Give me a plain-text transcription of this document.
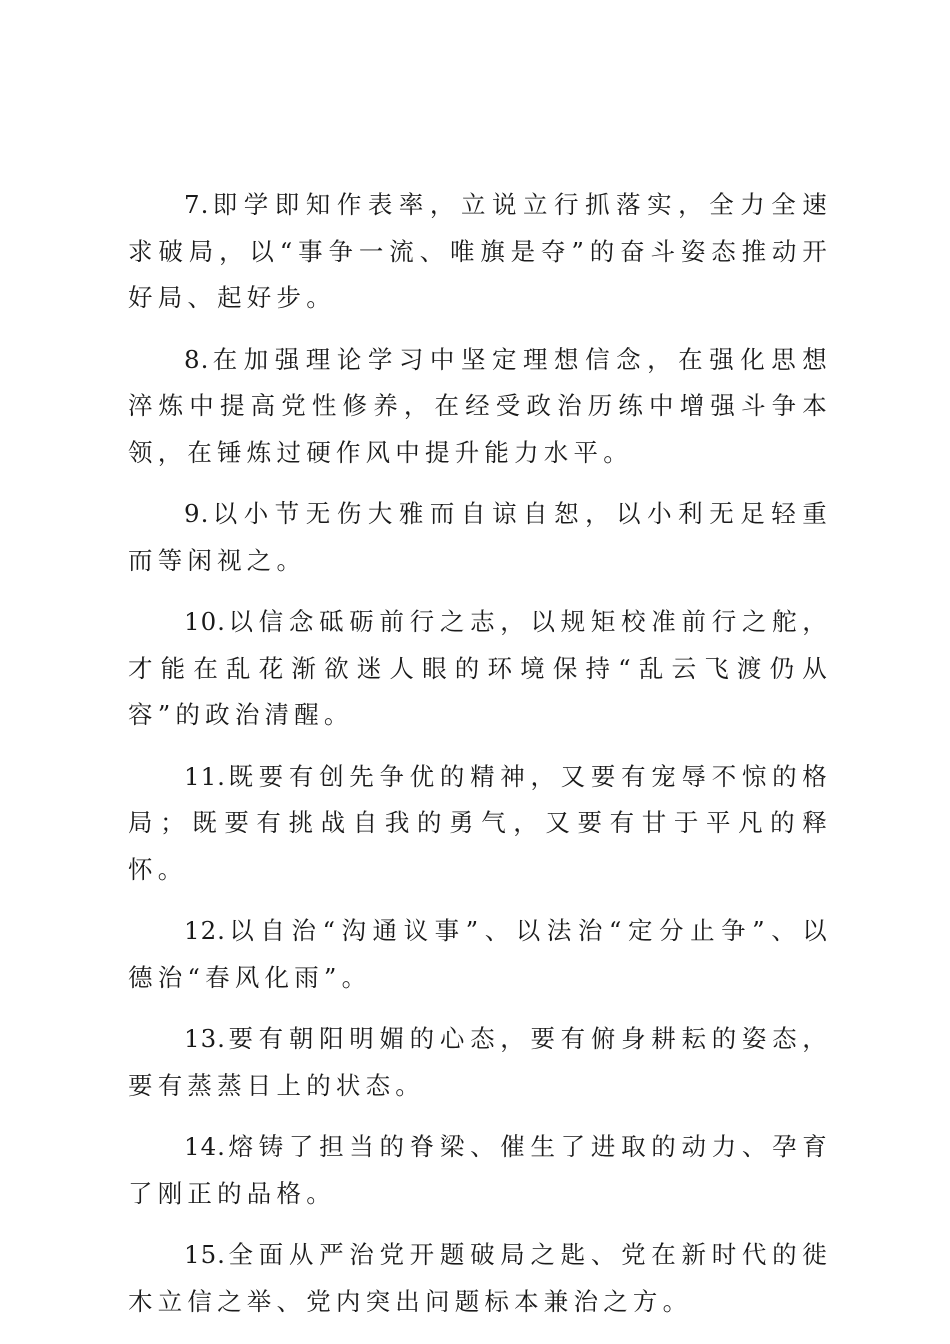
7.即学即知作表率，立说立行抓落实，全力全速求破局，以“事争一流、唯旗是夺”的奋斗姿态推动开好局、起好步。

8.在加强理论学习中坚定理想信念，在强化思想淬炼中提高党性修养，在经受政治历练中增强斗争本领，在锤炼过硬作风中提升能力水平。

9.以小节无伤大雅而自谅自恕，以小利无足轻重而等闲视之。

10.以信念砥砺前行之志，以规矩校准前行之舵，才能在乱花渐欲迷人眼的环境保持“乱云飞渡仍从容”的政治清醒。

11.既要有创先争优的精神，又要有宠辱不惊的格局；既要有挑战自我的勇气，又要有甘于平凡的释怀。

12.以自治“沟通议事”、以法治“定分止争”、以德治“春风化雨”。

13.要有朝阳明媚的心态，要有俯身耕耘的姿态，要有蒸蒸日上的状态。

14.熔铸了担当的脊梁、催生了进取的动力、孕育了刚正的品格。

15.全面从严治党开题破局之匙、党在新时代的徙木立信之举、党内突出问题标本兼治之方。
